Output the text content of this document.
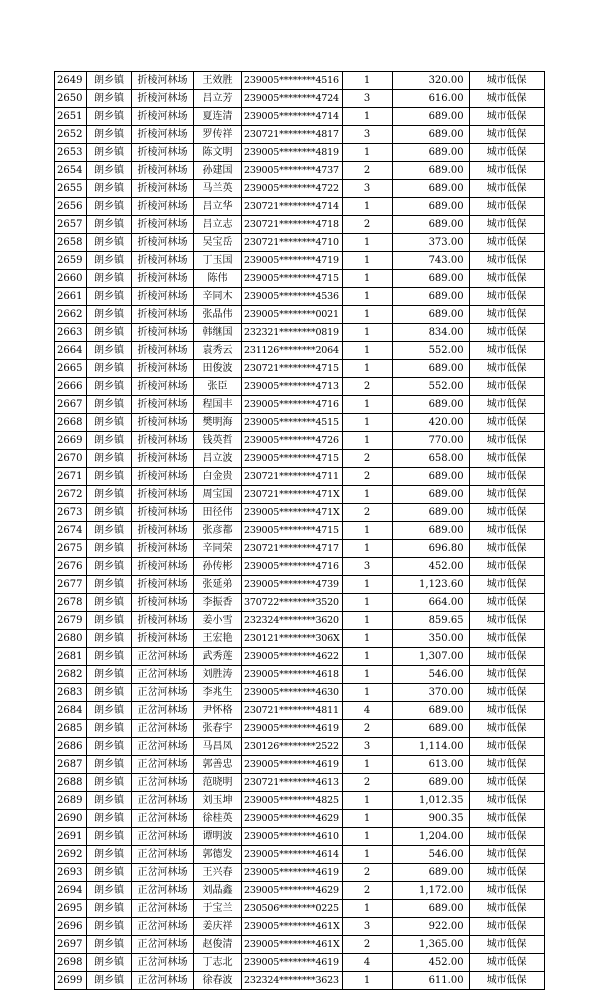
2649	朗乡镇	折棱河林场	王效胜	239005********4516	1	320.00	城市低保
2650	朗乡镇	折棱河林场	吕立芳	239005********4724	3	616.00	城市低保
2651	朗乡镇	折棱河林场	夏连清	239005********4714	1	689.00	城市低保
2652	朗乡镇	折棱河林场	罗传祥	230721********4817	3	689.00	城市低保
2653	朗乡镇	折棱河林场	陈文明	239005********4819	1	689.00	城市低保
2654	朗乡镇	折棱河林场	孙建国	239005********4737	2	689.00	城市低保
2655	朗乡镇	折棱河林场	马兰英	239005********4722	3	689.00	城市低保
2656	朗乡镇	折棱河林场	吕立华	230721********4714	1	689.00	城市低保
2657	朗乡镇	折棱河林场	吕立志	230721********4718	2	689.00	城市低保
2658	朗乡镇	折棱河林场	吴宝岳	230721********4710	1	373.00	城市低保
2659	朗乡镇	折棱河林场	丁玉国	239005********4719	1	743.00	城市低保
2660	朗乡镇	折棱河林场	陈伟	239005********4715	1	689.00	城市低保
2661	朗乡镇	折棱河林场	辛同木	239005********4536	1	689.00	城市低保
2662	朗乡镇	折棱河林场	张晶伟	239005********0021	1	689.00	城市低保
2663	朗乡镇	折棱河林场	韩继国	232321********0819	1	834.00	城市低保
2664	朗乡镇	折棱河林场	袁秀云	231126********2064	1	552.00	城市低保
2665	朗乡镇	折棱河林场	田俊波	230721********4715	1	689.00	城市低保
2666	朗乡镇	折棱河林场	张臣	239005********4713	2	552.00	城市低保
2667	朗乡镇	折棱河林场	程国丰	239005********4716	1	689.00	城市低保
2668	朗乡镇	折棱河林场	樊明海	239005********4515	1	420.00	城市低保
2669	朗乡镇	折棱河林场	钱英哲	239005********4726	1	770.00	城市低保
2670	朗乡镇	折棱河林场	吕立波	239005********4715	2	658.00	城市低保
2671	朗乡镇	折棱河林场	白金贵	230721********4711	2	689.00	城市低保
2672	朗乡镇	折棱河林场	周宝国	230721********471X	1	689.00	城市低保
2673	朗乡镇	折棱河林场	田径伟	239005********471X	2	689.00	城市低保
2674	朗乡镇	折棱河林场	张彦都	239005********4715	1	689.00	城市低保
2675	朗乡镇	折棱河林场	辛同荣	230721********4717	1	696.80	城市低保
2676	朗乡镇	折棱河林场	孙传彬	239005********4716	3	452.00	城市低保
2677	朗乡镇	折棱河林场	张延弟	239005********4739	1	1,123.60	城市低保
2678	朗乡镇	折棱河林场	李振香	370722********3520	1	664.00	城市低保
2679	朗乡镇	折棱河林场	姜小雪	232324********3620	1	859.65	城市低保
2680	朗乡镇	折棱河林场	王宏艳	230121********306X	1	350.00	城市低保
2681	朗乡镇	正岔河林场	武秀莲	239005********4622	1	1,307.00	城市低保
2682	朗乡镇	正岔河林场	刘胜涛	239005********4618	1	546.00	城市低保
2683	朗乡镇	正岔河林场	李兆生	239005********4630	1	370.00	城市低保
2684	朗乡镇	正岔河林场	尹怀格	230721********4811	4	689.00	城市低保
2685	朗乡镇	正岔河林场	张春宇	239005********4619	2	689.00	城市低保
2686	朗乡镇	正岔河林场	马昌凤	230126********2522	3	1,114.00	城市低保
2687	朗乡镇	正岔河林场	郭善忠	239005********4619	1	613.00	城市低保
2688	朗乡镇	正岔河林场	范晓明	230721********4613	2	689.00	城市低保
2689	朗乡镇	正岔河林场	刘玉坤	239005********4825	1	1,012.35	城市低保
2690	朗乡镇	正岔河林场	徐桂英	239005********4629	1	900.35	城市低保
2691	朗乡镇	正岔河林场	谭明波	239005********4610	1	1,204.00	城市低保
2692	朗乡镇	正岔河林场	郭德发	239005********4614	1	546.00	城市低保
2693	朗乡镇	正岔河林场	王兴春	239005********4619	2	689.00	城市低保
2694	朗乡镇	正岔河林场	刘晶鑫	239005********4629	2	1,172.00	城市低保
2695	朗乡镇	正岔河林场	于宝兰	230506********0225	1	689.00	城市低保
2696	朗乡镇	正岔河林场	姜庆祥	239005********461X	3	922.00	城市低保
2697	朗乡镇	正岔河林场	赵俊清	239005********461X	2	1,365.00	城市低保
2698	朗乡镇	正岔河林场	丁志北	239005********4619	4	452.00	城市低保
2699	朗乡镇	正岔河林场	徐春波	232324********3623	1	611.00	城市低保
